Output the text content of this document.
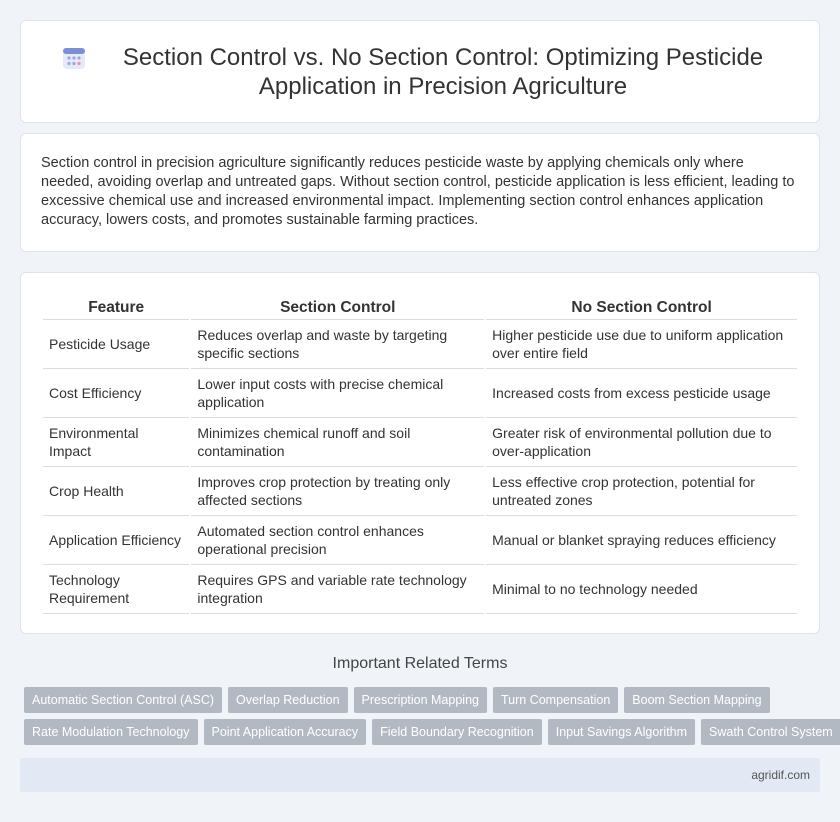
Section Control vs. No Section Control: Optimizing Pesticide Application in Precision Agriculture

Section control in precision agriculture significantly reduces pesticide waste by applying chemicals only where needed, avoiding overlap and untreated gaps. Without section control, pesticide application is less efficient, leading to excessive chemical use and increased environmental impact. Implementing section control enhances application accuracy, lowers costs, and promotes sustainable farming practices.

Feature	Section Control	No Section Control
Pesticide Usage	Reduces overlap and waste by targeting specific sections	Higher pesticide use due to uniform application over entire field
Cost Efficiency	Lower input costs with precise chemical application	Increased costs from excess pesticide usage
Environmental Impact	Minimizes chemical runoff and soil contamination	Greater risk of environmental pollution due to over-application
Crop Health	Improves crop protection by treating only affected sections	Less effective crop protection, potential for untreated zones
Application Efficiency	Automated section control enhances operational precision	Manual or blanket spraying reduces efficiency
Technology Requirement	Requires GPS and variable rate technology integration	Minimal to no technology needed
Important Related Terms
Automatic Section Control (ASC)	Overlap Reduction	Prescription Mapping	Turn Compensation	Boom Section Mapping
Rate Modulation Technology	Point Application Accuracy	Field Boundary Recognition	Input Savings Algorithm	Swath Control System
agridif.com
